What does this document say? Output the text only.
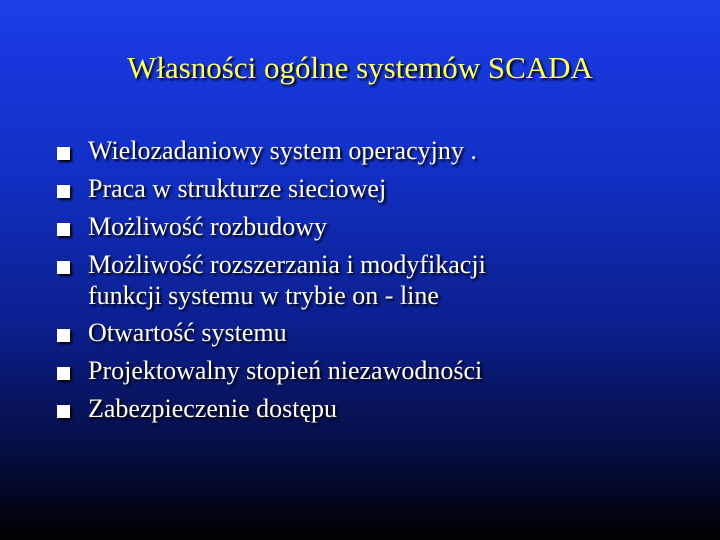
Własności ogólne systemów SCADA
Wielozadaniowy system operacyjny .
Praca w strukturze sieciowej
Możliwość rozbudowy
Możliwość rozszerzania i modyfikacji
funkcji systemu w trybie on - line
Otwartość systemu
Projektowalny stopień niezawodności
Zabezpieczenie dostępu
